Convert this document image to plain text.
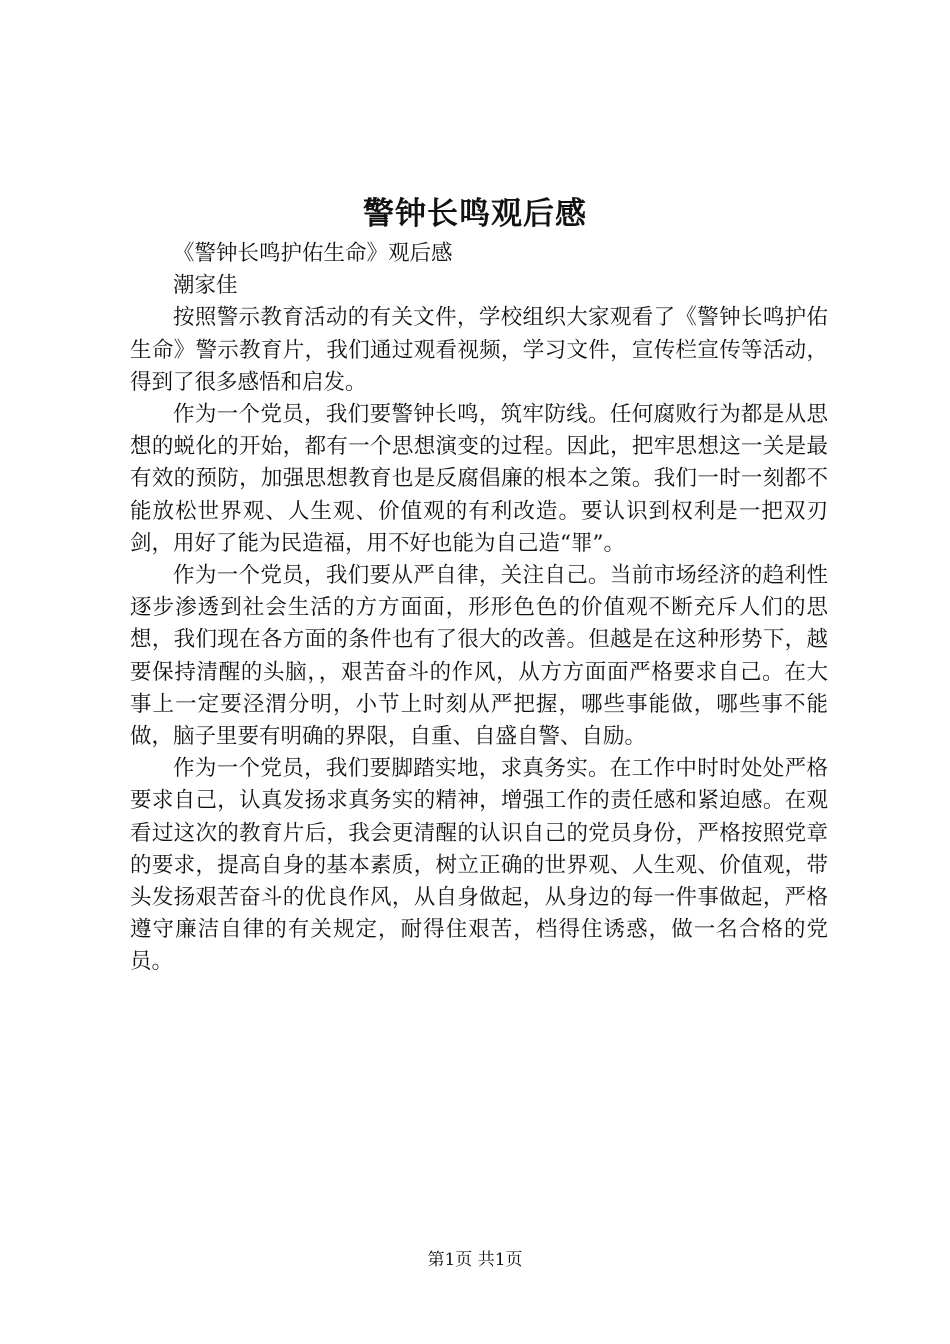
警钟长鸣观后感

《警钟长鸣护佑生命》观后感

潮家佳

按照警示教育活动的有关文件，学校组织大家观看了《警钟长鸣护佑生命》警示教育片，我们通过观看视频，学习文件，宣传栏宣传等活动，得到了很多感悟和启发。

作为一个党员，我们要警钟长鸣，筑牢防线。任何腐败行为都是从思想的蜕化的开始，都有一个思想演变的过程。因此，把牢思想这一关是最有效的预防，加强思想教育也是反腐倡廉的根本之策。我们一时一刻都不能放松世界观、人生观、价值观的有利改造。要认识到权利是一把双刃剑，用好了能为民造福，用不好也能为自己造“罪”。

作为一个党员，我们要从严自律，关注自己。当前市场经济的趋利性逐步渗透到社会生活的方方面面，形形色色的价值观不断充斥人们的思想，我们现在各方面的条件也有了很大的改善。但越是在这种形势下，越要保持清醒的头脑，，艰苦奋斗的作风，从方方面面严格要求自己。在大事上一定要泾渭分明，小节上时刻从严把握，哪些事能做，哪些事不能做，脑子里要有明确的界限，自重、自盛自警、自励。

作为一个党员，我们要脚踏实地，求真务实。在工作中时时处处严格要求自己，认真发扬求真务实的精神，增强工作的责任感和紧迫感。在观看过这次的教育片后，我会更清醒的认识自己的党员身份，严格按照党章的要求，提高自身的基本素质，树立正确的世界观、人生观、价值观，带头发扬艰苦奋斗的优良作风，从自身做起，从身边的每一件事做起，严格遵守廉洁自律的有关规定，耐得住艰苦，档得住诱惑，做一名合格的党员。

第1页 共1页
